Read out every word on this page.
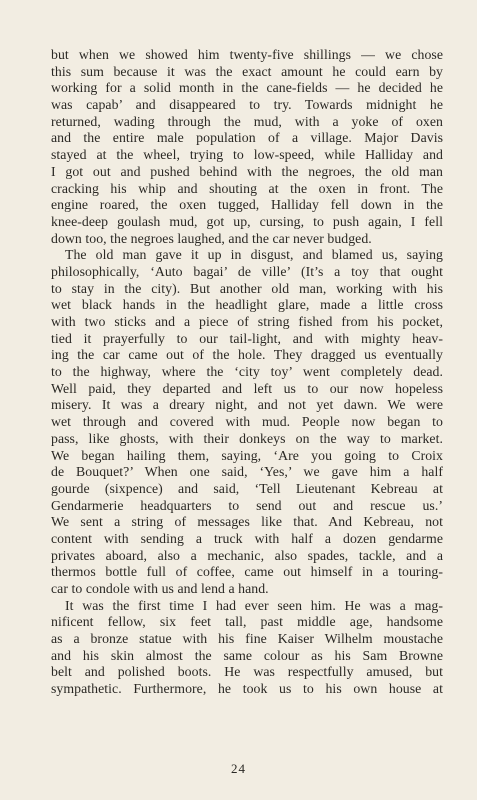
but when we showed him twenty-five shillings — we chose
this sum because it was the exact amount he could earn by
working for a solid month in the cane-fields — he decided he
was capab’ and disappeared to try. Towards midnight he
returned, wading through the mud, with a yoke of oxen
and the entire male population of a village. Major Davis
stayed at the wheel, trying to low-speed, while Halliday and
I got out and pushed behind with the negroes, the old man
cracking his whip and shouting at the oxen in front. The
engine roared, the oxen tugged, Halliday fell down in the
knee-deep goulash mud, got up, cursing, to push again, I fell
down too, the negroes laughed, and the car never budged.
The old man gave it up in disgust, and blamed us, saying
philosophically, ‘Auto bagai’ de ville’ (It’s a toy that ought
to stay in the city). But another old man, working with his
wet black hands in the headlight glare, made a little cross
with two sticks and a piece of string fished from his pocket,
tied it prayerfully to our tail-light, and with mighty heav-
ing the car came out of the hole. They dragged us eventually
to the highway, where the ‘city toy’ went completely dead.
Well paid, they departed and left us to our now hopeless
misery. It was a dreary night, and not yet dawn. We were
wet through and covered with mud. People now began to
pass, like ghosts, with their donkeys on the way to market.
We began hailing them, saying, ‘Are you going to Croix
de Bouquet?’ When one said, ‘Yes,’ we gave him a half
gourde (sixpence) and said, ‘Tell Lieutenant Kebreau at
Gendarmerie headquarters to send out and rescue us.’
We sent a string of messages like that. And Kebreau, not
content with sending a truck with half a dozen gendarme
privates aboard, also a mechanic, also spades, tackle, and a
thermos bottle full of coffee, came out himself in a touring-
car to condole with us and lend a hand.
It was the first time I had ever seen him. He was a mag-
nificent fellow, six feet tall, past middle age, handsome
as a bronze statue with his fine Kaiser Wilhelm moustache
and his skin almost the same colour as his Sam Browne
belt and polished boots. He was respectfully amused, but
sympathetic. Furthermore, he took us to his own house at
24
